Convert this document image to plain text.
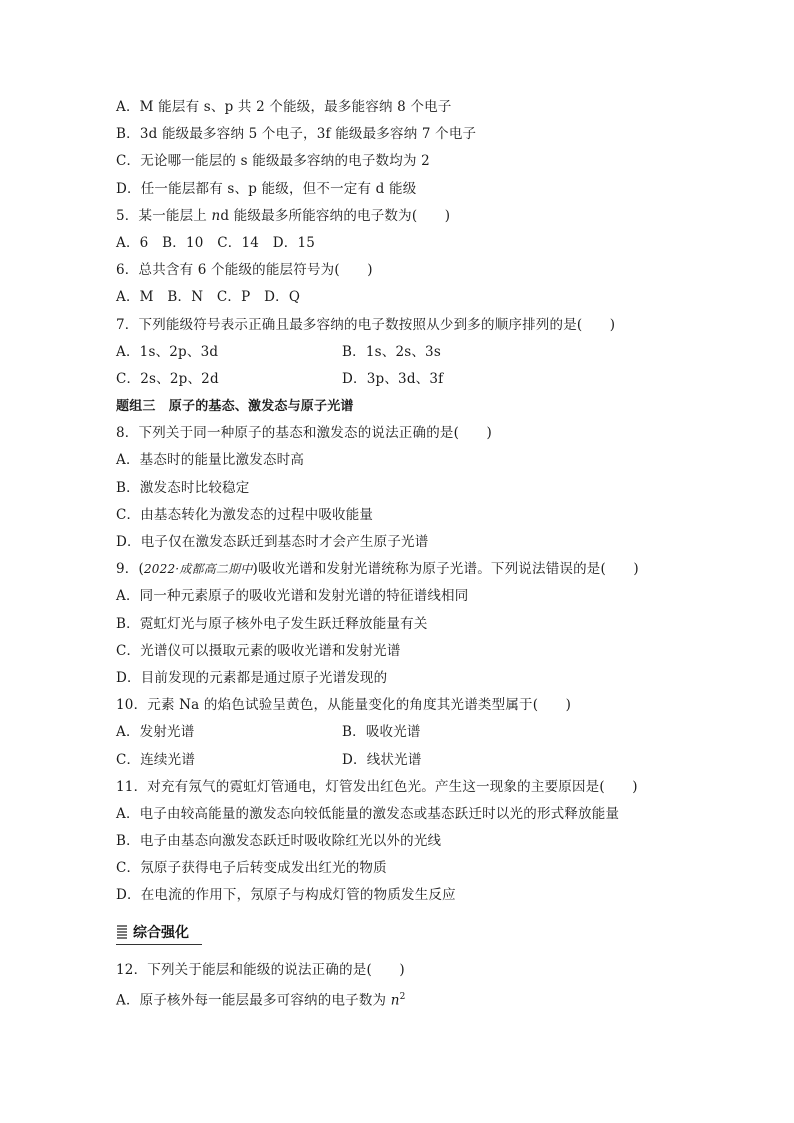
A．M 能层有 s、p 共 2 个能级，最多能容纳 8 个电子
B．3d 能级最多容纳 5 个电子，3f 能级最多容纳 7 个电子
C．无论哪一能层的 s 能级最多容纳的电子数均为 2
D．任一能层都有 s、p 能级，但不一定有 d 能级
5．某一能层上 nd 能级最多所能容纳的电子数为(　　)
A．6　B．10　C．14　D．15
6．总共含有 6 个能级的能层符号为(　　)
A．M　B．N　C．P　D．Q
7．下列能级符号表示正确且最多容纳的电子数按照从少到多的顺序排列的是(　　)
A．1s、2p、3d	B．1s、2s、3s
C．2s、2p、2d	D．3p、3d、3f
题组三　原子的基态、激发态与原子光谱
8．下列关于同一种原子的基态和激发态的说法正确的是(　　)
A．基态时的能量比激发态时高
B．激发态时比较稳定
C．由基态转化为激发态的过程中吸收能量
D．电子仅在激发态跃迁到基态时才会产生原子光谱
9．(2022·成都高二期中)吸收光谱和发射光谱统称为原子光谱。下列说法错误的是(　　)
A．同一种元素原子的吸收光谱和发射光谱的特征谱线相同
B．霓虹灯光与原子核外电子发生跃迁释放能量有关
C．光谱仪可以摄取元素的吸收光谱和发射光谱
D．目前发现的元素都是通过原子光谱发现的
10．元素 Na 的焰色试验呈黄色，从能量变化的角度其光谱类型属于(　　)
A．发射光谱	B．吸收光谱
C．连续光谱	D．线状光谱
11．对充有氖气的霓虹灯管通电，灯管发出红色光。产生这一现象的主要原因是(　　)
A．电子由较高能量的激发态向较低能量的激发态或基态跃迁时以光的形式释放能量
B．电子由基态向激发态跃迁时吸收除红光以外的光线
C．氖原子获得电子后转变成发出红光的物质
D．在电流的作用下，氖原子与构成灯管的物质发生反应
综合强化
12．下列关于能层和能级的说法正确的是(　　)
A．原子核外每一能层最多可容纳的电子数为 $n^2$
